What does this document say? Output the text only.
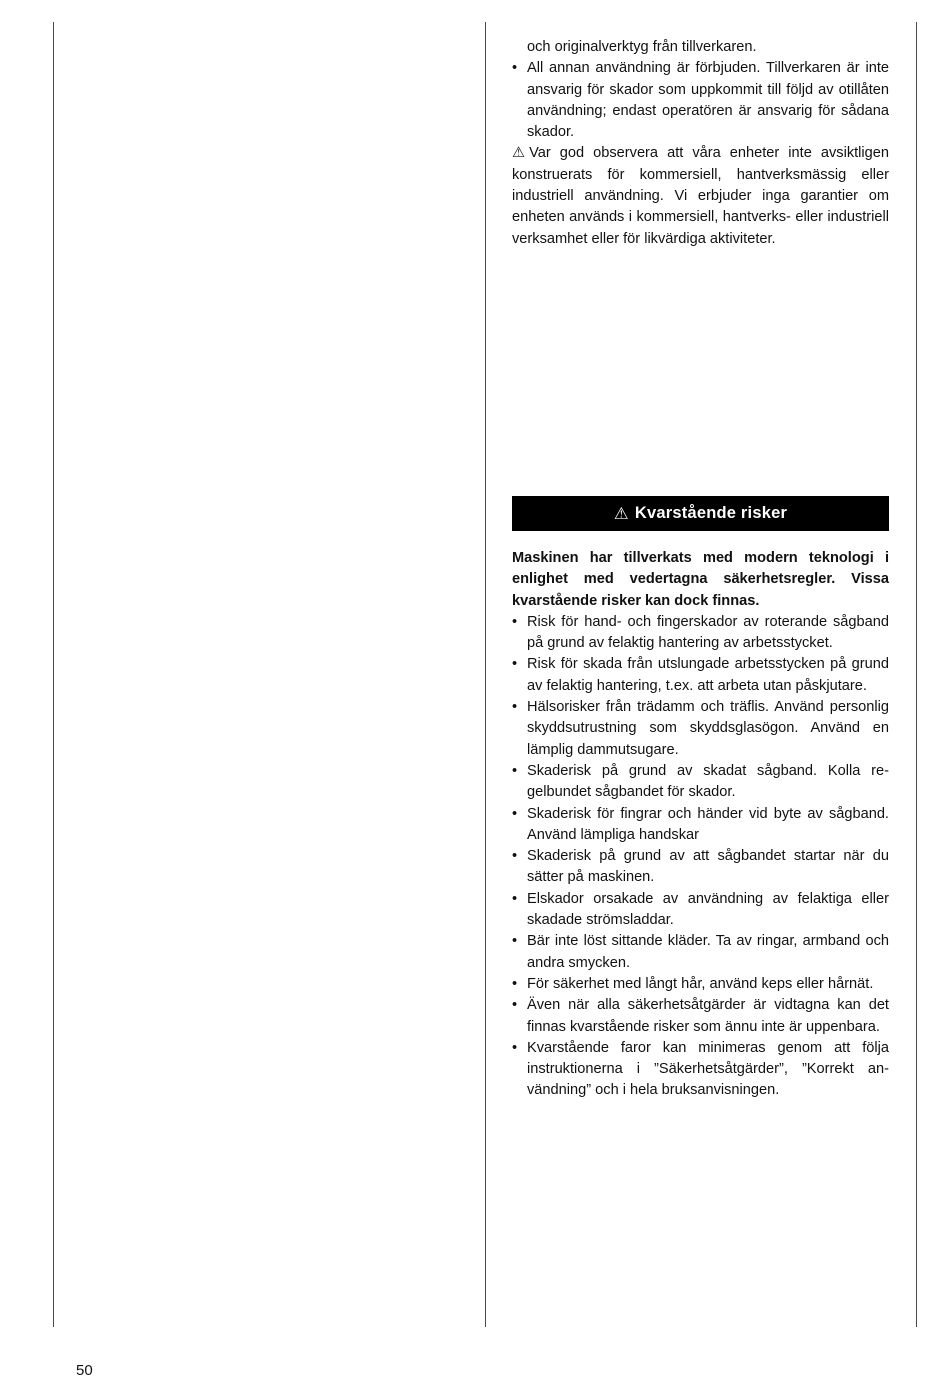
och originalverktyg från tillverkaren.
• All annan användning är förbjuden. Tillverkaren är inte ansvarig för skador som uppkommit till följd av otillåten användning; endast operatören är ansvarig för sådana skador.
⚠ Var god observera att våra enheter inte avsiktligen konstruerats för kommersiell, hantverksmässig eller industriell användning. Vi erbjuder inga garantier om enheten används i kommersiell, hantverks- eller industriell verksamhet eller för likvärdiga aktiviteter.
⚠ Kvarstående risker
Maskinen har tillverkats med modern teknologi i enlighet med vedertagna säkerhetsregler. Vissa kvarstående risker kan dock finnas.
• Risk för hand- och fingerskador av roterande sågband på grund av felaktig hantering av arbetsstycket.
• Risk för skada från utslungade arbetsstycken på grund av felaktig hantering, t.ex. att arbeta utan påskjutare.
• Hälsorisker från trädamm och träflis. Använd personlig skyddsutrustning som skyddsglasögon. Använd en lämplig dammutsugare.
• Skaderisk på grund av skadat sågband. Kolla regelbundet sågbandet för skador.
• Skaderisk för fingrar och händer vid byte av sågband. Använd lämpliga handskar
• Skaderisk på grund av att sågbandet startar när du sätter på maskinen.
• Elskador orsakade av användning av felaktiga eller skadade strömsladdar.
• Bär inte löst sittande kläder. Ta av ringar, armband och andra smycken.
• För säkerhet med långt hår, använd keps eller hårnät.
• Även när alla säkerhetsåtgärder är vidtagna kan det finnas kvarstående risker som ännu inte är uppenbara.
• Kvarstående faror kan minimeras genom att följa instruktionerna i ”Säkerhetsåtgärder”, ”Korrekt användning” och i hela bruksanvisningen.
50
